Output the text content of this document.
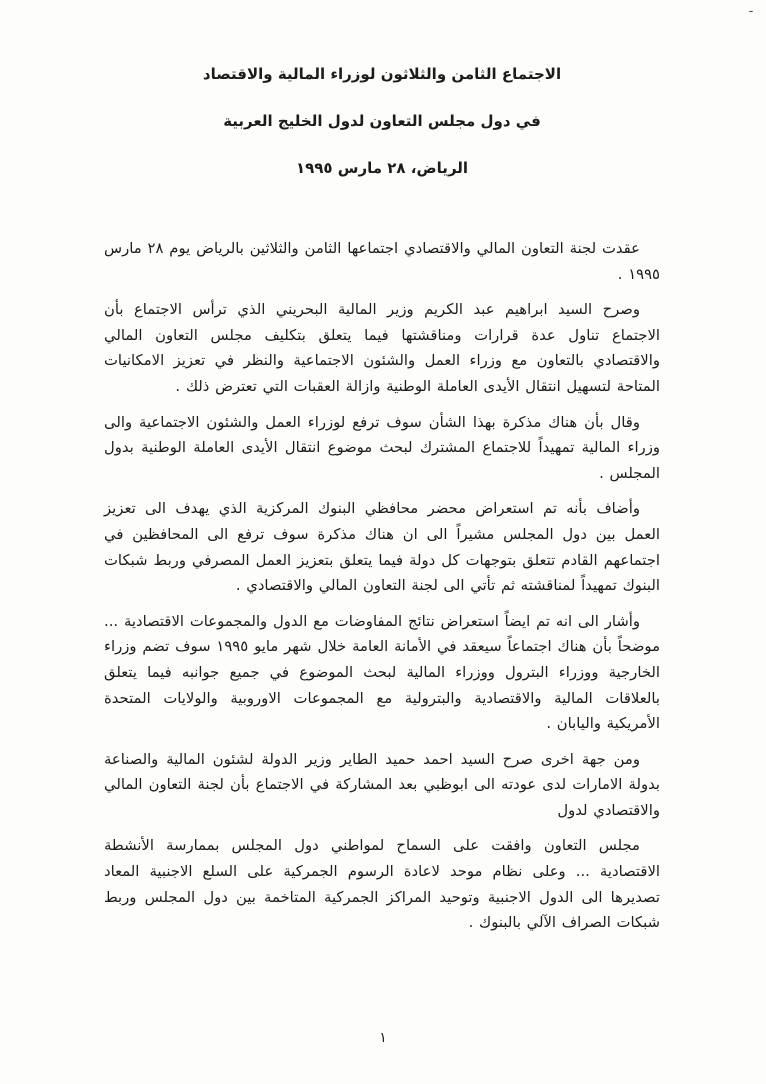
-
الاجتماع الثامن والثلاثون لوزراء المالية والاقتصاد
في دول مجلس التعاون لدول الخليج العربية
الرياض، ٢٨ مارس ١٩٩٥

عقدت لجنة التعاون المالي والاقتصادي اجتماعها الثامن والثلاثين بالرياض يوم ٢٨ مارس ١٩٩٥ .

وصرح السيد ابراهيم عبد الكريم وزير المالية البحريني الذي ترأس الاجتماع بأن الاجتماع تناول عدة قرارات ومناقشتها فيما يتعلق بتكليف مجلس التعاون المالي والاقتصادي بالتعاون مع وزراء العمل والشئون الاجتماعية والنظر في تعزيز الامكانيات المتاحة لتسهيل انتقال الأيدى العاملة الوطنية وازالة العقبات التي تعترض ذلك .

وقال بأن هناك مذكرة بهذا الشأن سوف ترفع لوزراء العمل والشئون الاجتماعية والى وزراء المالية تمهيداً للاجتماع المشترك لبحث موضوع انتقال الأيدى العاملة الوطنية بدول المجلس .

وأضاف بأنه تم استعراض محضر محافظي البنوك المركزية الذي يهدف الى تعزيز العمل بين دول المجلس مشيراً الى ان هناك مذكرة سوف ترفع الى المحافظين في اجتماعهم القادم تتعلق بتوجهات كل دولة فيما يتعلق بتعزيز العمل المصرفي وربط شبكات البنوك تمهيداً لمناقشته ثم تأتي الى لجنة التعاون المالي والاقتصادي .

وأشار الى انه تم ايضاً استعراض نتائج المفاوضات مع الدول والمجموعات الاقتصادية ... موضحاً بأن هناك اجتماعاً سيعقد في الأمانة العامة خلال شهر مايو ١٩٩٥ سوف تضم وزراء الخارجية ووزراء البترول ووزراء المالية لبحث الموضوع في جميع جوانبه فيما يتعلق بالعلاقات المالية والاقتصادية والبترولية مع المجموعات الاوروبية والولايات المتحدة الأمريكية واليابان .

ومن جهة اخرى صرح السيد احمد حميد الطاير وزير الدولة لشئون المالية والصناعة بدولة الامارات لدى عودته الى ابوظبي بعد المشاركة في الاجتماع بأن لجنة التعاون المالي والاقتصادي لدول

مجلس التعاون وافقت على السماح لمواطني دول المجلس بممارسة الأنشطة الاقتصادية ... وعلى نظام موحد لاعادة الرسوم الجمركية على السلع الاجنبية المعاد تصديرها الى الدول الاجنبية وتوحيد المراكز الجمركية المتاخمة بين دول المجلس وربط شبكات الصراف الآلي بالبنوك .

١
